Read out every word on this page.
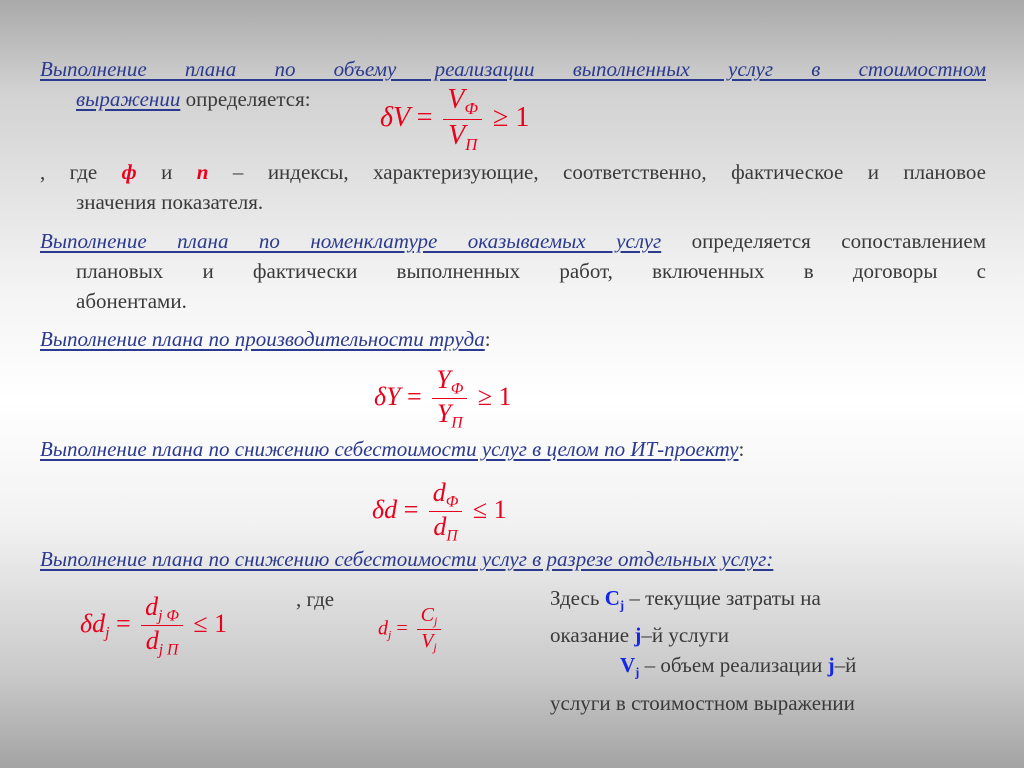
Выполнение плана по объему реализации выполненных услуг в стоимостном
выражении определяется:
$\delta V = \frac{V_Ф}{V_П} \ge 1$
, где ф и п – индексы, характеризующие, соответственно, фактическое и плановое
значения показателя.
Выполнение плана по номенклатуре оказываемых услуг определяется сопоставлением
плановых и фактически выполненных работ, включенных в договоры с
абонентами.
Выполнение плана по производительности труда:
$\delta Y = \frac{Y_Ф}{Y_П} \ge 1$
Выполнение плана по снижению себестоимости услуг в целом по ИТ-проекту:
$\delta d = \frac{d_Ф}{d_П} \le 1$
Выполнение плана по снижению себестоимости услуг в разрезе отдельных услуг:
$\delta d_j = \frac{d_{j Ф}}{d_{j П}} \le 1$
, где
$d_j = \frac{C_j}{V_j}$
Здесь $C_j$ – текущие затраты на
оказание j–й услуги
$V_j$ – объем реализации j–й
услуги в стоимостном выражении
